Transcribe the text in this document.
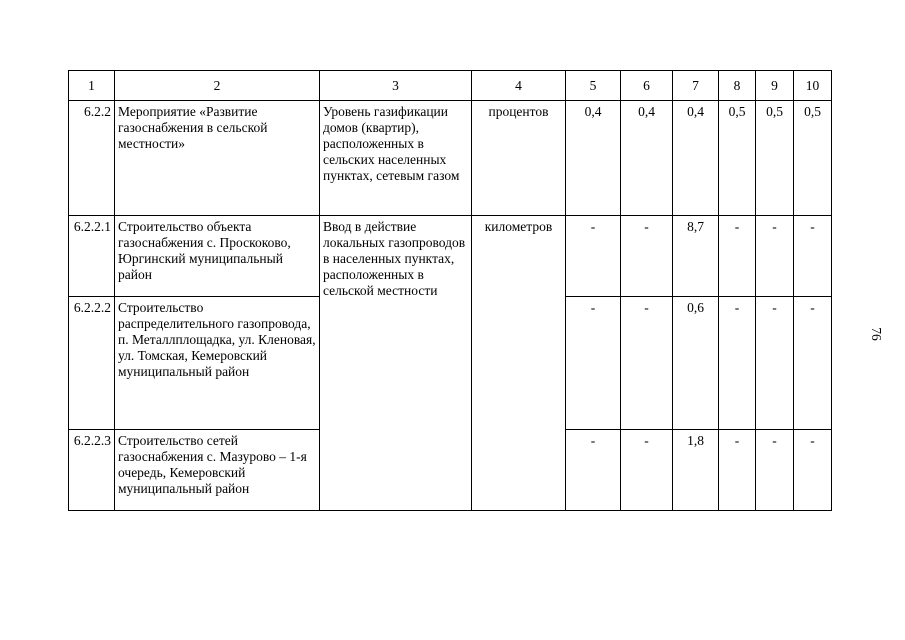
1	2	3	4	5	6	7	8	9	10
6.2.2	Мероприятие «Развитие газоснабжения в сельской местности»	Уровень газификации домов (квартир), расположенных в сельских населенных пунктах, сетевым газом	процентов	0,4	0,4	0,4	0,5	0,5	0,5
6.2.2.1	Строительство объекта газоснабжения с. Проскоково, Юргинский муниципальный район	Ввод в действие локальных газопроводов в населенных пунктах, расположенных в сельской местности	километров	-	-	8,7	-	-	-
6.2.2.2	Строительство распределительного газопровода, п. Металлплощадка, ул. Кленовая, ул. Томская, Кемеровский муниципальный район			-	-	0,6	-	-	-
6.2.2.3	Строительство сетей газоснабжения с. Мазурово – 1-я очередь, Кемеровский муниципальный район			-	-	1,8	-	-	-
76
